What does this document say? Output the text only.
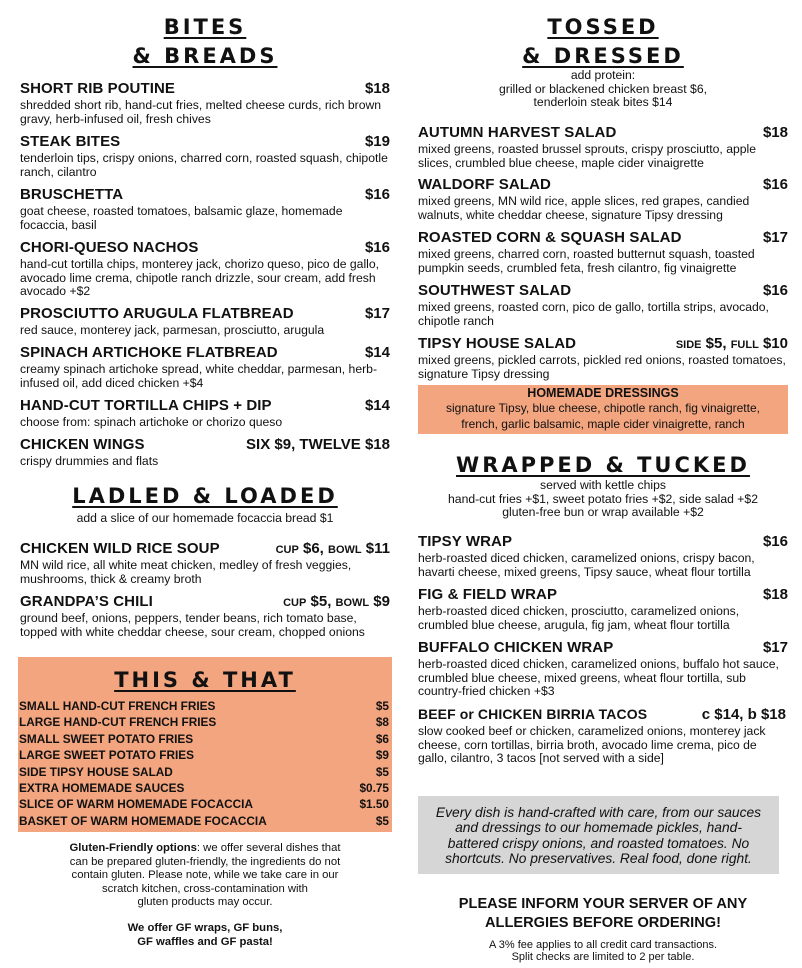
BITES
& BREADS
SHORT RIB POUTINE	$18
shredded short rib, hand-cut fries, melted cheese curds, rich brown gravy, herb-infused oil, fresh chives
STEAK BITES	$19
tenderloin tips, crispy onions, charred corn, roasted squash, chipotle ranch, cilantro
BRUSCHETTA	$16
goat cheese, roasted tomatoes, balsamic glaze, homemade focaccia, basil
CHORI-QUESO NACHOS	$16
hand-cut tortilla chips, monterey jack, chorizo queso, pico de gallo, avocado lime crema, chipotle ranch drizzle, sour cream, add fresh avocado +$2
PROSCIUTTO ARUGULA FLATBREAD	$17
red sauce, monterey jack, parmesan, prosciutto, arugula
SPINACH ARTICHOKE FLATBREAD	$14
creamy spinach artichoke spread, white cheddar, parmesan, herb-infused oil, add diced chicken +$4
HAND-CUT TORTILLA CHIPS + DIP	$14
choose from: spinach artichoke or chorizo queso
CHICKEN WINGS	SIX $9, TWELVE $18
crispy drummies and flats
LADLED & LOADED
add a slice of our homemade focaccia bread $1
CHICKEN WILD RICE SOUP	CUP $6, BOWL $11
MN wild rice, all white meat chicken, medley of fresh veggies, mushrooms, thick & creamy broth
GRANDPA’S CHILI	CUP $5, BOWL $9
ground beef, onions, peppers, tender beans, rich tomato base, topped with white cheddar cheese, sour cream, chopped onions
THIS & THAT
SMALL HAND-CUT FRENCH FRIES	$5
LARGE HAND-CUT FRENCH FRIES	$8
SMALL SWEET POTATO FRIES	$6
LARGE SWEET POTATO FRIES	$9
SIDE TIPSY HOUSE SALAD	$5
EXTRA HOMEMADE SAUCES	$0.75
SLICE OF WARM HOMEMADE FOCACCIA	$1.50
BASKET OF WARM HOMEMADE FOCACCIA	$5
Gluten-Friendly options: we offer several dishes that
can be prepared gluten-friendly, the ingredients do not
contain gluten. Please note, while we take care in our
scratch kitchen, cross-contamination with
gluten products may occur.
We offer GF wraps, GF buns,
GF waffles and GF pasta!
TOSSED
& DRESSED
add protein:
grilled or blackened chicken breast $6,
tenderloin steak bites $14
AUTUMN HARVEST SALAD	$18
mixed greens, roasted brussel sprouts, crispy prosciutto, apple slices, crumbled blue cheese, maple cider vinaigrette
WALDORF SALAD	$16
mixed greens, MN wild rice, apple slices, red grapes, candied walnuts, white cheddar cheese, signature Tipsy dressing
ROASTED CORN & SQUASH SALAD	$17
mixed greens, charred corn, roasted butternut squash, toasted pumpkin seeds, crumbled feta, fresh cilantro, fig vinaigrette
SOUTHWEST SALAD	$16
mixed greens, roasted corn, pico de gallo, tortilla strips, avocado, chipotle ranch
TIPSY HOUSE SALAD	SIDE $5, FULL $10
mixed greens, pickled carrots, pickled red onions, roasted tomatoes, signature Tipsy dressing
HOMEMADE DRESSINGS
signature Tipsy, blue cheese, chipotle ranch, fig vinaigrette,
french, garlic balsamic, maple cider vinaigrette, ranch
WRAPPED & TUCKED
served with kettle chips
hand-cut fries +$1, sweet potato fries +$2, side salad +$2
gluten-free bun or wrap available +$2
TIPSY WRAP	$16
herb-roasted diced chicken, caramelized onions, crispy bacon, havarti cheese, mixed greens, Tipsy sauce, wheat flour tortilla
FIG & FIELD WRAP	$18
herb-roasted diced chicken, prosciutto, caramelized onions, crumbled blue cheese, arugula, fig jam, wheat flour tortilla
BUFFALO CHICKEN WRAP	$17
herb-roasted diced chicken, caramelized onions, buffalo hot sauce, crumbled blue cheese, mixed greens, wheat flour tortilla, sub country-fried chicken +$3
BEEF or CHICKEN BIRRIA TACOS	c $14, b $18
slow cooked beef or chicken, caramelized onions, monterey jack cheese, corn tortillas, birria broth, avocado lime crema, pico de gallo, cilantro, 3 tacos [not served with a side]
Every dish is hand-crafted with care, from our sauces
and dressings to our homemade pickles, hand-
battered crispy onions, and roasted tomatoes. No
shortcuts. No preservatives. Real food, done right.
PLEASE INFORM YOUR SERVER OF ANY
ALLERGIES BEFORE ORDERING!
A 3% fee applies to all credit card transactions.
Split checks are limited to 2 per table.
